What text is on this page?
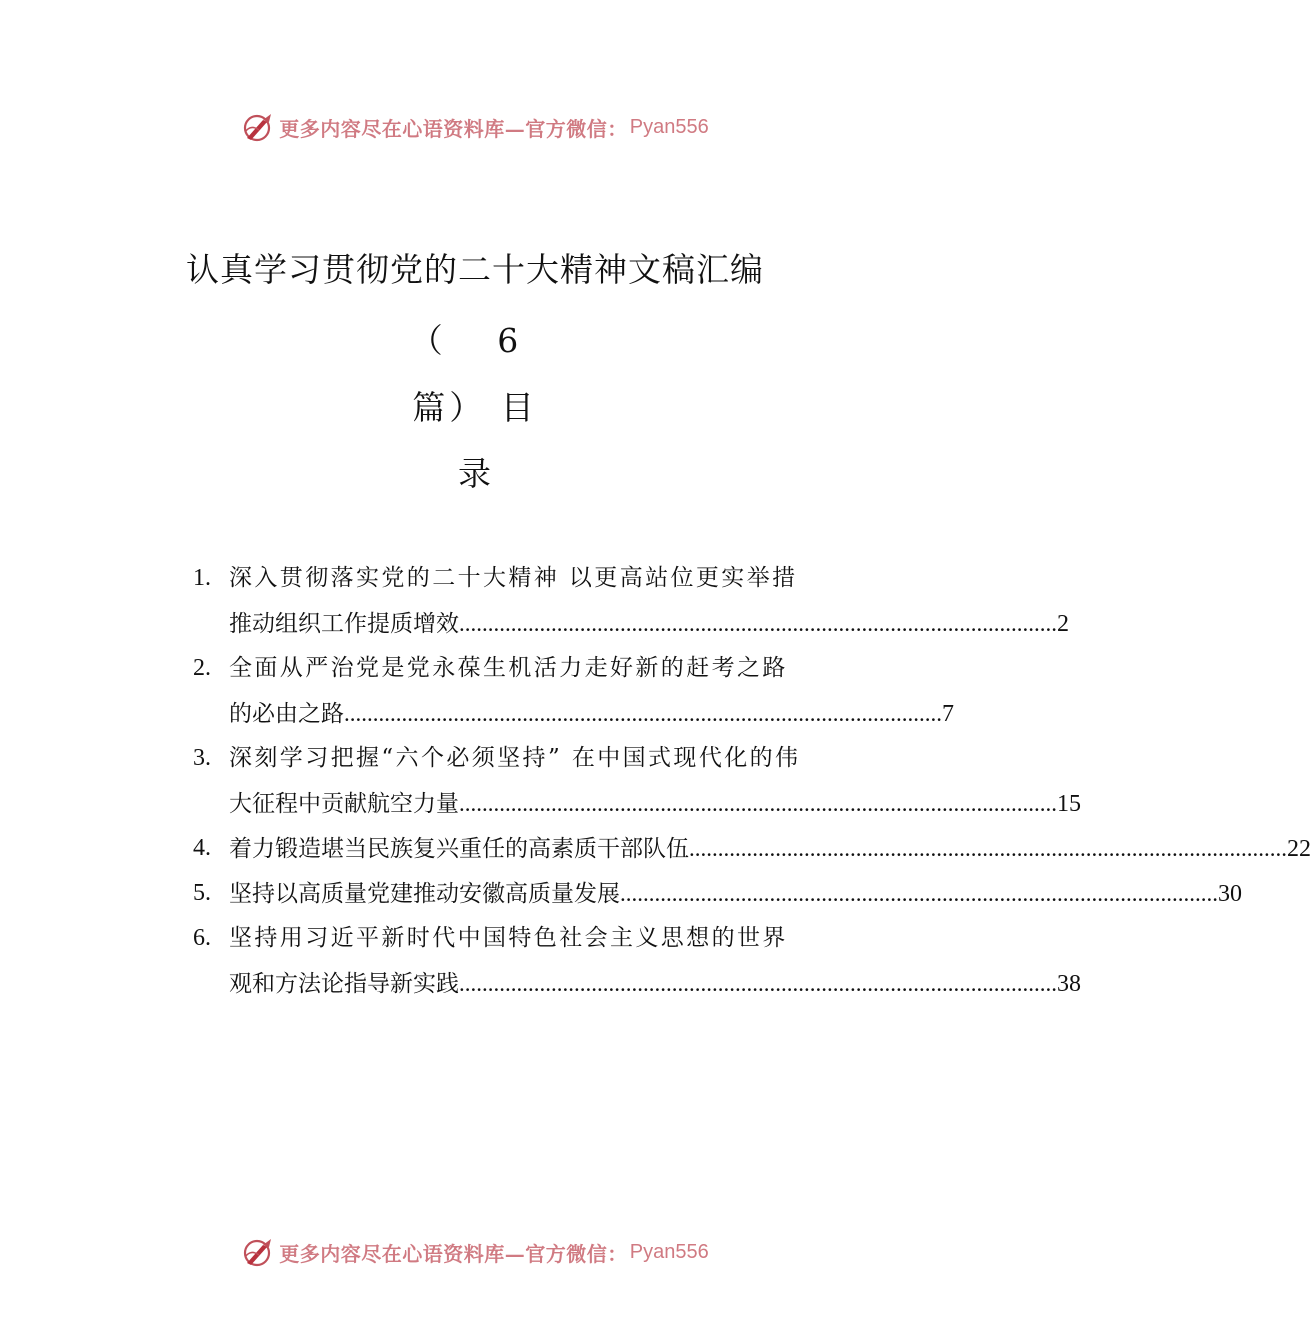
更多内容尽在心语资料库—官方微信： Pyan556
认真学习贯彻党的二十大精神文稿汇编
（ 6
篇） 目
录
1. 深入贯彻落实党的二十大精神 以更高站位更实举措
推动组织工作提质增效 ........................................................................................................ 2
2. 全面从严治党是党永葆生机活力走好新的赶考之路
的必由之路 ........................................................................................................ 7
3. 深刻学习把握“六个必须坚持” 在中国式现代化的伟
大征程中贡献航空力量 ........................................................................................................ 15
4. 着力锻造堪当民族复兴重任的高素质干部队伍 ........................................................................................................ 22
5. 坚持以高质量党建推动安徽高质量发展 ........................................................................................................ 30
6. 坚持用习近平新时代中国特色社会主义思想的世界
观和方法论指导新实践 ........................................................................................................ 38
更多内容尽在心语资料库—官方微信： Pyan556
